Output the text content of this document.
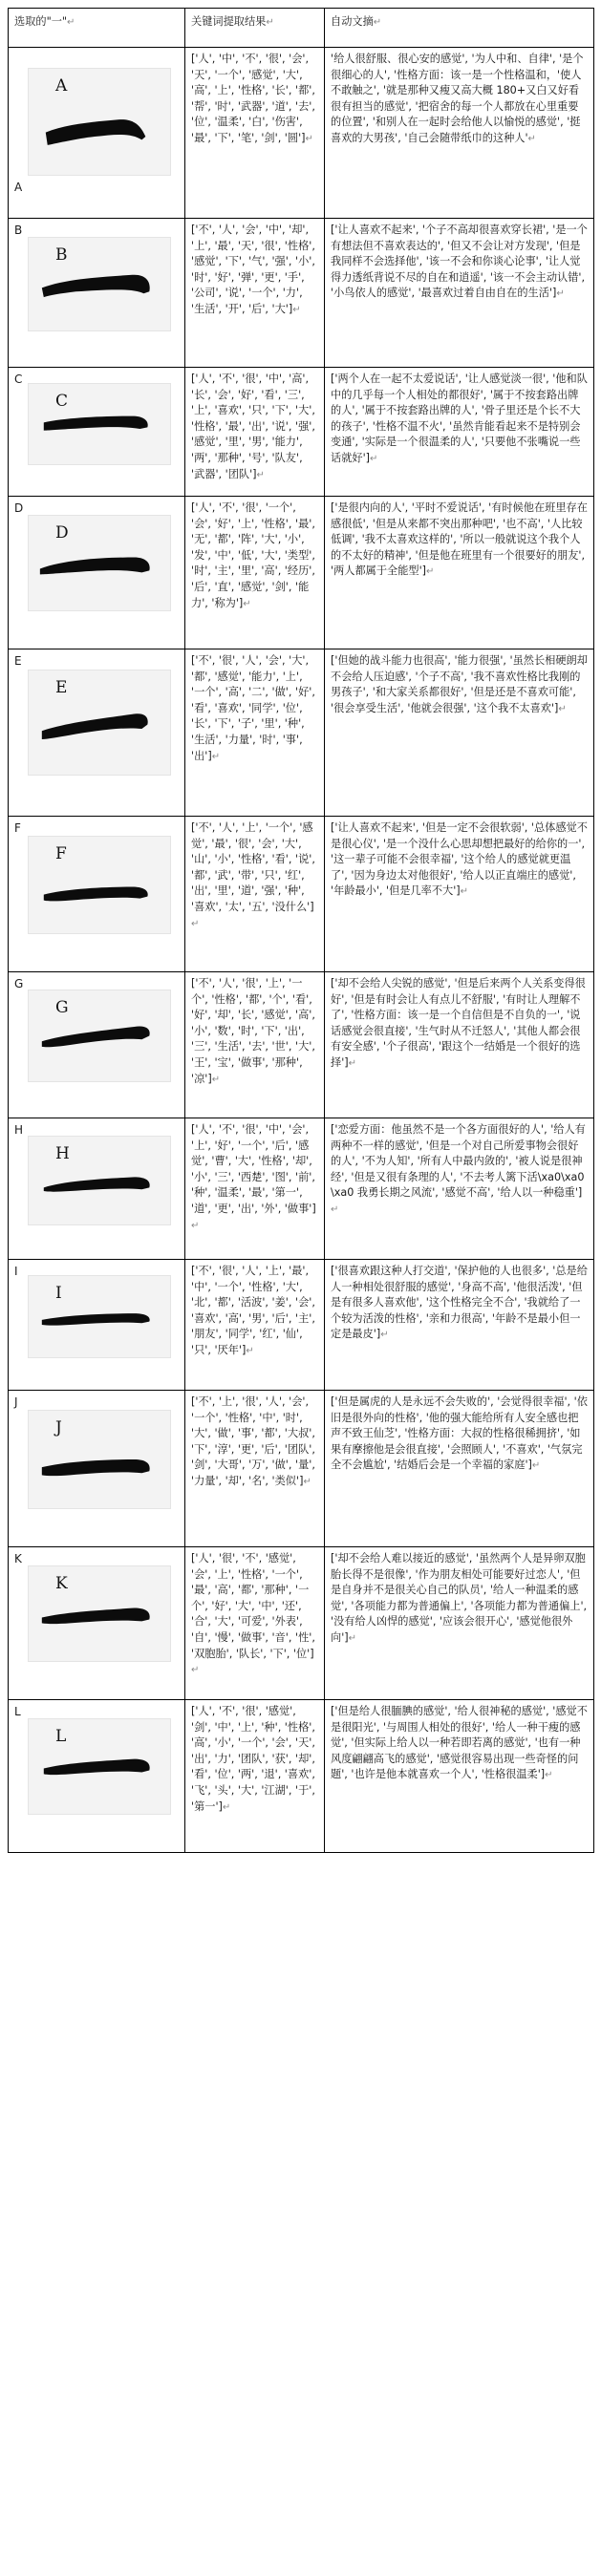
选取的"一"↵	关键词提取结果↵	自动文摘↵

A
A	['人', '中', '不', '很', '会', '天', '一个', '感觉', '大', '高', '上', '性格', '长', '都', '帮', '时', '武器', '道', '去', '位', '温柔', '白', '伤害', '最', '下', '笔', '剑', '圆']↵	'给人很舒服、很心安的感觉', '为人中和、自律', '是个很细心的人', '性格方面：该一是一个性格温和，'使人不敢触之', '就是那种又瘦又高大概 180+又白又好看很有担当的感觉', '把宿舍的每一个人都放在心里重要的位置', '和别人在一起时会给他人以愉悦的感觉', '挺喜欢的大男孩', '自己会随带纸巾的这种人'↵

B
B	['不', '人', '会', '中', '却', '上', '最', '天', '很', '性格', '感觉', '下', '气', '强', '小', '时', '好', '弹', '更', '手', '公司', '说', '一个', '力', '生活', '开', '后', '大']↵	['让人喜欢不起来', '个子不高却很喜欢穿长裙', '是一个有想法但不喜欢表达的', '但又不会让对方发现', '但是我同样不会选择他', '该一不会和你谈心论事', '让人觉得力透纸背说不尽的自在和逍遥', '该一不会主动认错', '小鸟依人的感觉', '最喜欢过着自由自在的生活']↵

C
C	['人', '不', '很', '中', '高', '长', '会', '好', '看', '三', '上', '喜欢', '只', '下', '大', '性格', '最', '出', '说', '强', '感觉', '里', '男', '能力', '两', '那种', '号', '队友', '武器', '团队']↵	['两个人在一起不太爱说话', '让人感觉淡一很', '他和队中的几乎每一个人相处的都很好', '属于不按套路出牌的人', '属于不按套路出牌的人', '骨子里还是个长不大的孩子', '性格不温不火', '虽然肯能看起来不是特别会变通', '实际是一个很温柔的人', '只要他不张嘴说一些话就好']↵

D
D	['人', '不', '很', '一个', '会', '好', '上', '性格', '最', '无', '都', '阵', '大', '小', '发', '中', '低', '大', '类型', '时', '主', '里', '高', '经历', '后', '直', '感觉', '剑', '能力', '称为']↵	['是很内向的人', '平时不爱说话', '有时候他在班里存在感很低', '但是从来都不突出那种吧', '也不高', '人比较低调', '我不太喜欢这样的', '所以一般就说这个我个人的不太好的精神', '但是他在班里有一个很要好的朋友', '两人都属于全能型']↵

E
E	['不', '很', '人', '会', '大', '都', '感觉', '能力', '上', '一个', '高', '二', '做', '好', '看', '喜欢', '同学', '位', '长', '下', '子', '里', '种', '生活', '力量', '时', '事', '出']↵	['但她的战斗能力也很高', '能力很强', '虽然长相硬朗却不会给人压迫感', '个子不高', '我不喜欢性格比我刚的男孩子', '和大家关系都很好', '但是还是不喜欢可能', '很会享受生活', '他就会很强', '这个我不太喜欢']↵

F
F	['不', '人', '上', '一个', '感觉', '最', '很', '会', '大', '山', '小', '性格', '看', '说', '都', '武', '带', '只', '红', '出', '里', '道', '强', '种', '喜欢', '太', '五', '没什么']↵	['让人喜欢不起来', '但是一定不会很软弱', '总体感觉不是很心仪', '是一个没什么心思却想把最好的给你的一', '这一辈子可能不会很幸福', '这个给人的感觉就更温了', '因为身边太对他很好', '给人以正直端庄的感觉', '年龄最小', '但是几率不大']↵

G
G	['不', '人', '很', '上', '一个', '性格', '都', '个', '看', '好', '却', '长', '感觉', '高', '小', '数', '时', '下', '出', '三', '生活', '去', '世', '大', '王', '宝', '做事', '那种', '凉']↵	['却不会给人尖锐的感觉', '但是后来两个人关系变得很好', '但是有时会让人有点儿不舒服', '有时让人理解不了', '性格方面：该一是一个自信但是不自负的一', '说话感觉会很直接', '生气时从不迁怒人', '其他人都会很有安全感', '个子很高', '跟这个一结婚是一个很好的选择']↵

H
H	['人', '不', '很', '中', '会', '上', '好', '一个', '后', '感觉', '曹', '大', '性格', '却', '小', '三', '西楚', '图', '前', '种', '温柔', '最', '第一', '道', '更', '出', '外', '做事']↵	['恋爱方面：他虽然不是一个各方面很好的人', '给人有两种不一样的感觉', '但是一个对自己所爱事物会很好的人', '不为人知', '所有人中最内敛的', '被人说是很神经', '但是又很有条理的人', '不去考人篱下活\xa0\xa0\xa0 我勇长期之风流', '感觉不高', '给人以一种稳重']↵

I
I	['不', '很', '人', '上', '最', '中', '一个', '性格', '大', '北', '都', '活波', '姜', '会', '喜欢', '高', '男', '后', '主', '朋友', '同学', '红', '仙', '只', '厌年']↵	['很喜欢跟这种人打交道', '保护他的人也很多', '总是给人一种相处很舒服的感觉', '身高不高', '他很活泼', '但是有很多人喜欢他', '这个性格完全不合', '我就给了一个较为活泼的性格', '亲和力很高', '年龄不是最小但一定是最皮']↵

J
J	['不', '上', '很', '人', '会', '一个', '性格', '中', '时', '大', '做', '事', '都', '大叔', '下', '淳', '更', '后', '团队', '剑', '大哥', '万', '做', '量', '力量', '却', '名', '类似']↵	['但是属虎的人是永远不会失败的', '会觉得很幸福', '依旧是很外向的性格', '他的强大能给所有人安全感也把声不致王仙芝', '性格方面：大叔的性格很稀拥挤', '如果有摩擦他是会很直接', '会照顾人', '不喜欢', '气氛完全不会尴尬', '结婚后会是一个幸福的家庭']↵

K
K	['人', '很', '不', '感觉', '会', '上', '性格', '一个', '最', '高', '都', '那种', '一个', '好', '大', '中', '还', '合', '大', '可爱', '外表', '自', '慢', '做事', '音', '性', '双胞胎', '队长', '下', '位']↵	['却不会给人难以接近的感觉', '虽然两个人是异卵双胞胎长得不是很像', '作为朋友相处可能要好过恋人', '但是自身并不是很关心自己的队员', '给人一种温柔的感觉', '各项能力都为普通偏上', '各项能力都为普通偏上', '没有给人凶悍的感觉', '应该会很开心', '感觉他很外向']↵

L
L	['人', '不', '很', '感觉', '剑', '中', '上', '种', '性格', '高', '小', '一个', '会', '天', '出', '力', '团队', '获', '却', '看', '位', '两', '退', '喜欢', '飞', '头', '大', '江湖', '于', '第一']↵	['但是给人很腼腆的感觉', '给人很神秘的感觉', '感觉不是很阳光', '与周围人相处的很好', '给人一种干瘦的感觉', '但实际上给人以一种若即若离的感觉', '也有一种风度翩翩高飞的感觉', '感觉很容易出现一些奇怪的问题', '也许是他本就喜欢一个人', '性格很温柔']↵
